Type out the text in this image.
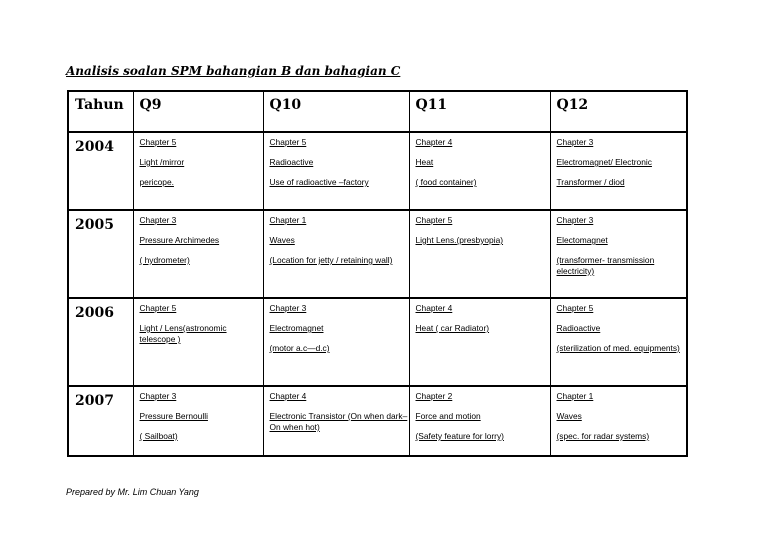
Analisis soalan SPM bahangian B dan bahagian C
Tahun	Q9	Q10	Q11	Q12
2004	Chapter 5
Light /mirror
pericope.	Chapter 5
Radioactive
Use of radioactive –factory	Chapter 4
Heat
( food container)	Chapter 3
Electromagnet/ Electronic
Transformer / diod

2005	Chapter 3
Pressure Archimedes
( hydrometer)	Chapter 1
Waves
(Location for jetty / retaining wall)	Chapter 5
Light Lens.(presbyopia)	Chapter 3
Electomagnet
(transformer- transmission electricity)

2006	Chapter 5
Light / Lens(astronomic telescope )	Chapter 3
Electromagnet
(motor a.c—d.c)	Chapter 4
Heat ( car Radiator)	Chapter 5
Radioactive
(sterilization of med. equipments)

2007	Chapter 3
Pressure Bernoulli
( Sailboat)	Chapter 4
Electronic Transistor (On when dark–On when hot)	Chapter 2
Force and motion
(Safety feature for lorry)	Chapter 1
Waves
(spec. for radar systems)
Prepared by Mr. Lim Chuan Yang
